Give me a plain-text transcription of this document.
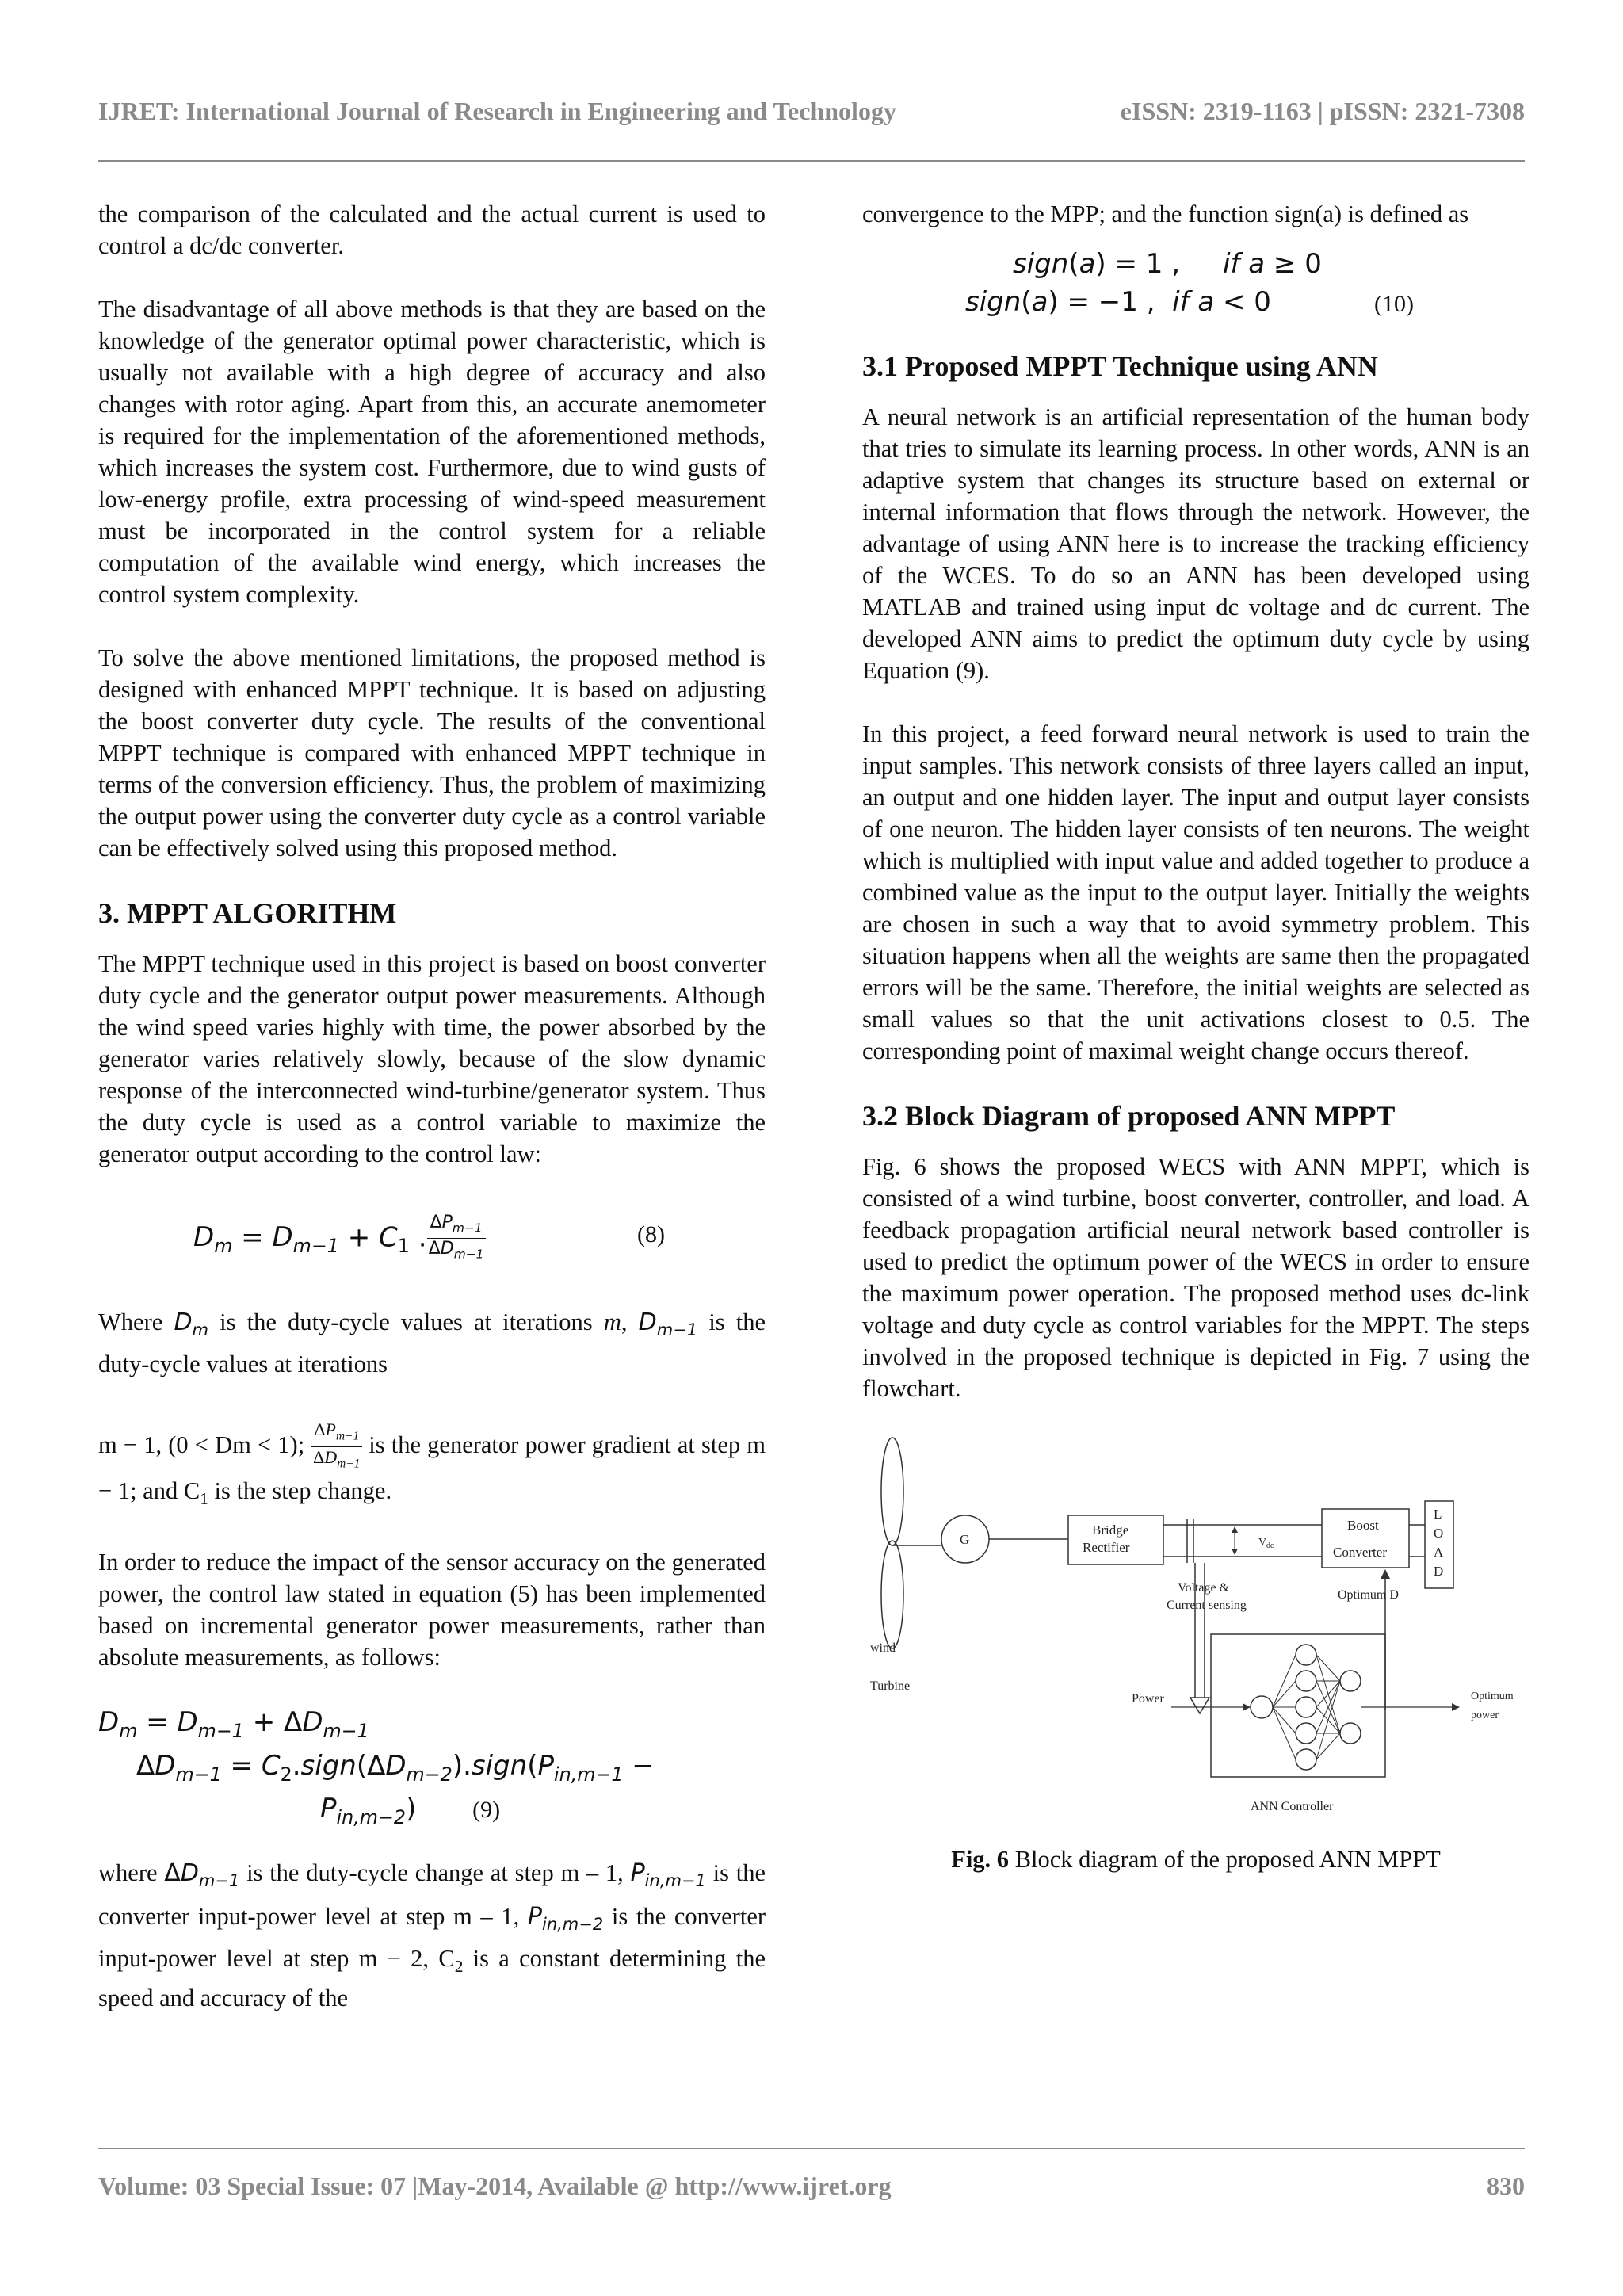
IJRET: International Journal of Research in Engineering and Technology	eISSN: 2319-1163 | pISSN: 2321-7308

the comparison of the calculated and the actual current is used to control a dc/dc converter.

The disadvantage of all above methods is that they are based on the knowledge of the generator optimal power characteristic, which is usually not available with a high degree of accuracy and also changes with rotor aging. Apart from this, an accurate anemometer is required for the implementation of the aforementioned methods, which increases the system cost. Furthermore, due to wind gusts of low-energy profile, extra processing of wind-speed measurement must be incorporated in the control system for a reliable computation of the available wind energy, which increases the control system complexity.

To solve the above mentioned limitations, the proposed method is designed with enhanced MPPT technique. It is based on adjusting the boost converter duty cycle. The results of the conventional MPPT technique is compared with enhanced MPPT technique in terms of the conversion efficiency. Thus, the problem of maximizing the output power using the converter duty cycle as a control variable can be effectively solved using this proposed method.

3. MPPT ALGORITHM

The MPPT technique used in this project is based on boost converter duty cycle and the generator output power measurements. Although the wind speed varies highly with time, the power absorbed by the generator varies relatively slowly, because of the slow dynamic response of the interconnected wind-turbine/generator system. Thus the duty cycle is used as a control variable to maximize the generator output according to the control law:

$D_m = D_{m-1} + C_1$ . $\frac{\Delta P_{m-1}}{\Delta D_{m-1}}$	(8)

Where $D_m$ is the duty-cycle values at iterations m, $D_{m-1}$ is the duty-cycle values at iterations

m − 1, (0 < Dm < 1); $\frac{\Delta P_{m-1}}{\Delta D_{m-1}}$ is the generator power gradient at step m − 1; and $C_1$ is the step change.

In order to reduce the impact of the sensor accuracy on the generated power, the control law stated in equation (5) has been implemented based on incremental generator power measurements, rather than absolute measurements, as follows:

$D_m = D_{m-1} + \Delta D_{m-1}$
$\Delta D_{m-1}$ = $C_2.sign(\Delta D_{m-2}).sign(P_{in,m-1}$ −
$P_{in,m-2}$) (9)

where $\Delta D_{m-1}$ is the duty-cycle change at step m – 1, $P_{in,m-1}$ is the converter input-power level at step m – 1, $P_{in,m-2}$ is the converter input-power level at step m − 2, $C_2$ is a constant determining the speed and accuracy of the

convergence to the MPP; and the function sign(a) is defined as

sign(a) = 1 ,     if a ≥ 0
sign(a) = −1 ,  if a < 0	(10)
3.1 Proposed MPPT Technique using ANN

A neural network is an artificial representation of the human body that tries to simulate its learning process. In other words, ANN is an adaptive system that changes its structure based on external or internal information that flows through the network. However, the advantage of using ANN here is to increase the tracking efficiency of the WCES. To do so an ANN has been developed using MATLAB and trained using input dc voltage and dc current. The developed ANN aims to predict the optimum duty cycle by using Equation (9).

In this project, a feed forward neural network is used to train the input samples. This network consists of three layers called an input, an output and one hidden layer. The input and output layer consists of one neuron. The hidden layer consists of ten neurons. The weight which is multiplied with input value and added together to produce a combined value as the input to the output layer. Initially the weights are chosen in such a way that to avoid symmetry problem. This situation happens when all the weights are same then the propagated errors will be the same. Therefore, the initial weights are selected as small values so that the unit activations closest to 0.5. The corresponding point of maximal weight change occurs thereof.

3.2 Block Diagram of proposed ANN MPPT

Fig. 6 shows the proposed WECS with ANN MPPT, which is consisted of a wind turbine, boost converter, controller, and load. A feedback propagation artificial neural network based controller is used to predict the optimum power of the WECS in order to ensure the maximum power operation. The proposed method uses dc-link voltage and duty cycle as control variables for the MPPT. The steps involved in the proposed technique is depicted in Fig. 7 using the flowchart.

G
Bridge
Rectifier	V dc
Boost
Converter
L
O
A
D
Voltage &
Current sensing
Optimum D
wind
Turbine
Power	Optimum
power
ANN Controller
Fig. 6 Block diagram of the proposed ANN MPPT
Volume: 03 Special Issue: 07 |May-2014, Available @ http://www.ijret.org	830
